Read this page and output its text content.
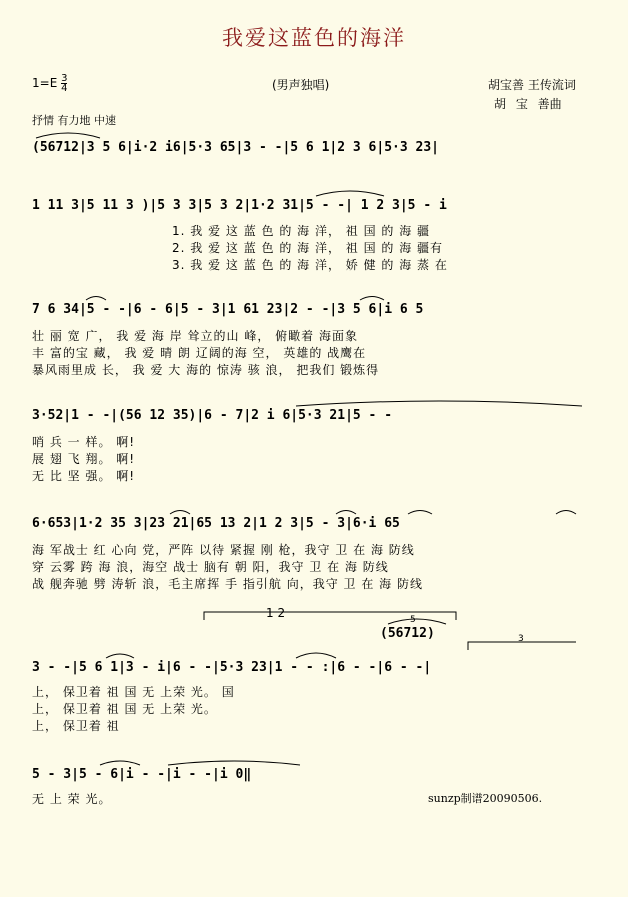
我爱这蓝色的海洋
$1=E \frac{3}{4}$	(男声独唱)	胡宝善 王传流词
胡 宝 善曲
抒情 有力地 中速
(56712|3 5 6|i·2 i6|5·3 65|3 - -|5 6 1|2 3 6|5·3 23|
1 11 3|5 11 3 )|5 3 3|5 3 2|1·2 31|5 - -| 1 2 3|5 - i
1. 我 爱 这 蓝 色 的 海 洋， 祖 国 的 海 疆
2. 我 爱 这 蓝 色 的 海 洋， 祖 国 的 海 疆有
3. 我 爱 这 蓝 色 的 海 洋， 娇 健 的 海 蒸 在
7 6 34|5 - -|6 - 6|5 - 3|1 61 23|2 - -|3 5 6|i 6 5
壮 丽 宽 广， 我 爱 海 岸 耸立的山 峰， 俯瞰着 海面象
丰 富的宝 藏， 我 爱 晴 朗 辽阔的海 空， 英雄的 战鹰在
暴风雨里成 长， 我 爱 大 海的 惊涛 骇 浪， 把我们 锻炼得
3·52|1 - -|(56 12 35)|6 - 7|2 i 6|5·3 21|5 - -
哨 兵 一 样。 啊!
展 翅 飞 翔。 啊!
无 比 坚 强。 啊!
6·653|1·2 35 3|23 21|65 13 2|1 2 3|5 - 3|6·i 65
海 军战士 红 心向 党，严阵 以待 紧握 刚 枪，我守 卫 在 海 防线
穿 云雾 跨 海 浪，海空 战士 脑有 朝 阳，我守 卫 在 海 防线
战 舰奔驰 劈 涛斩 浪，毛主席挥 手 指引航 向，我守 卫 在 海 防线
1 2	5
(56712)	3
3 - -|5 6 1|3 - i|6 - -|5·3 23|1 - - :|6 - -|6 - -|
上， 保卫着 祖 国 无 上荣 光。 国
上， 保卫着 祖 国 无 上荣 光。
上， 保卫着 祖
5 - 3|5 - 6|i - -|i - -|i 0‖
无 上 荣 光。	sunzp制谱20090506.
